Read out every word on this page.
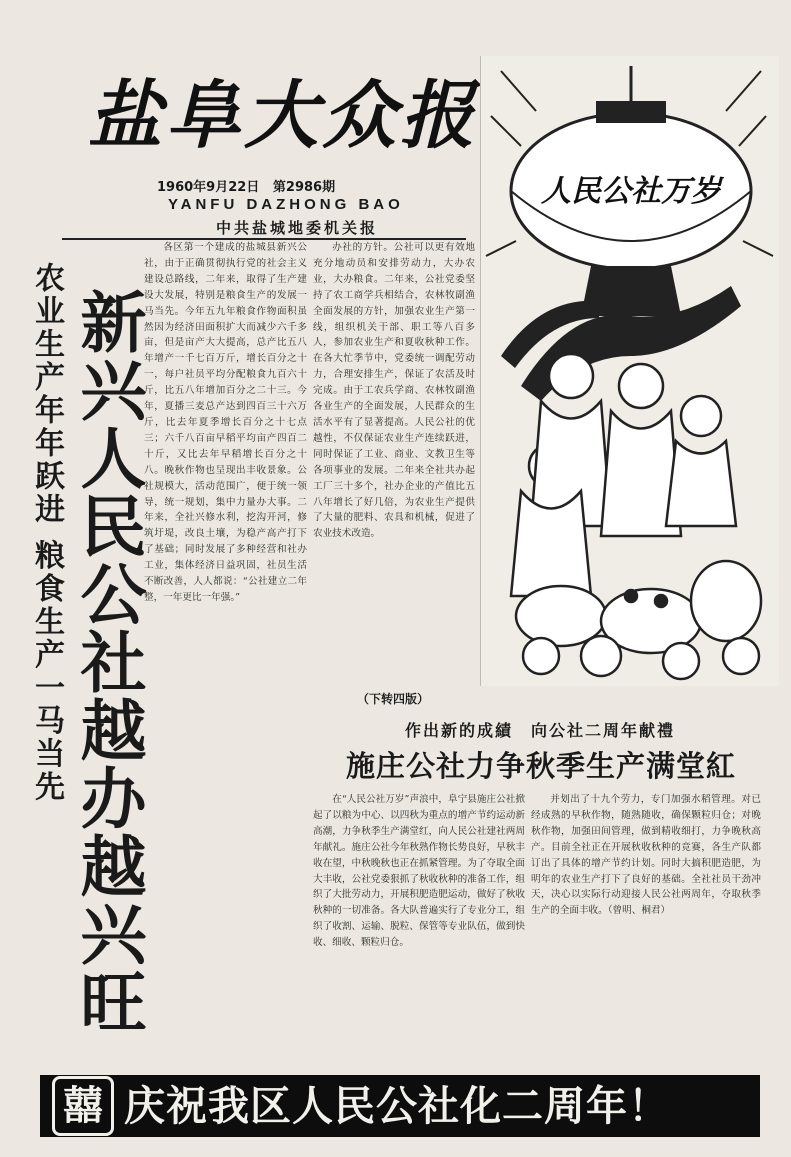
盐阜大众报
1960年9月22日 第2986期
YANFU DAZHONG BAO
中共盐城地委机关报
人民公社万岁
（下转四版）
农业生产年年跃进 粮食生产一马当先 新兴人民公社越办越兴旺
各区第一个建成的盐城县新兴公社，由于正确贯彻执行党的社会主义建设总路线，二年来，取得了生产建设大发展，特别是粮食生产的发展一马当先。今年五九年粮食作物面积虽然因为经济田面积扩大而减少六千多亩，但是亩产大大提高，总产比五八年增产一千七百万斤，增长百分之十一，每户社员平均分配粮食九百六十斤，比五八年增加百分之二十三。今年，夏播三麦总产达到四百三十六万斤，比去年夏季增长百分之十七点三；六千八百亩早稻平均亩产四百二十斤，又比去年早稻增长百分之十八。晚秋作物也呈现出丰收景象。公社规模大，活动范围广，便于统一领导，统一规划，集中力量办大事。二年来，全社兴修水利，挖沟开河，修筑圩堤，改良土壤，为稳产高产打下了基础；同时发展了多种经营和社办工业，集体经济日益巩固，社员生活不断改善，人人都说：“公社建立二年整，一年更比一年强。”
办社的方针。公社可以更有效地充分地动员和安排劳动力，大办农业，大办粮食。二年来，公社党委坚持了农工商学兵相结合，农林牧副渔全面发展的方针，加强农业生产第一线，组织机关干部、职工等八百多人，参加农业生产和夏收秋种工作。在各大忙季节中，党委统一调配劳动力，合理安排生产，保证了农活及时完成。由于工农兵学商、农林牧副渔各业生产的全面发展，人民群众的生活水平有了显著提高。人民公社的优越性，不仅保证农业生产连续跃进，同时保证了工业、商业、文教卫生等各项事业的发展。二年来全社共办起工厂三十多个，社办企业的产值比五八年增长了好几倍，为农业生产提供了大量的肥料、农具和机械，促进了农业技术改造。
作出新的成績　向公社二周年献禮
施庄公社力争秋季生产满堂紅
在“人民公社万岁”声浪中，阜宁县施庄公社掀起了以粮为中心、以四秋为重点的增产节约运动新高潮，力争秋季生产满堂红，向人民公社建社两周年献礼。施庄公社今年秋熟作物长势良好，早秋丰收在望，中秋晚秋也正在抓紧管理。为了夺取全面大丰收，公社党委狠抓了秋收秋种的准备工作，组织了大批劳动力，开展积肥造肥运动，做好了秋收秋种的一切准备。各大队普遍实行了专业分工，组织了收割、运输、脱粒、保管等专业队伍，做到快收、细收、颗粒归仓。
并划出了十九个劳力，专门加强水稻管理。对已经成熟的早秋作物，随熟随收，确保颗粒归仓；对晚秋作物，加强田间管理，做到精收细打，力争晚秋高产。目前全社正在开展秋收秋种的竞赛，各生产队都订出了具体的增产节约计划。同时大搞积肥造肥，为明年的农业生产打下了良好的基础。全社社员干劲冲天，决心以实际行动迎接人民公社两周年，夺取秋季生产的全面丰收。（曾明、桐君）
囍 庆祝我区人民公社化二周年！
